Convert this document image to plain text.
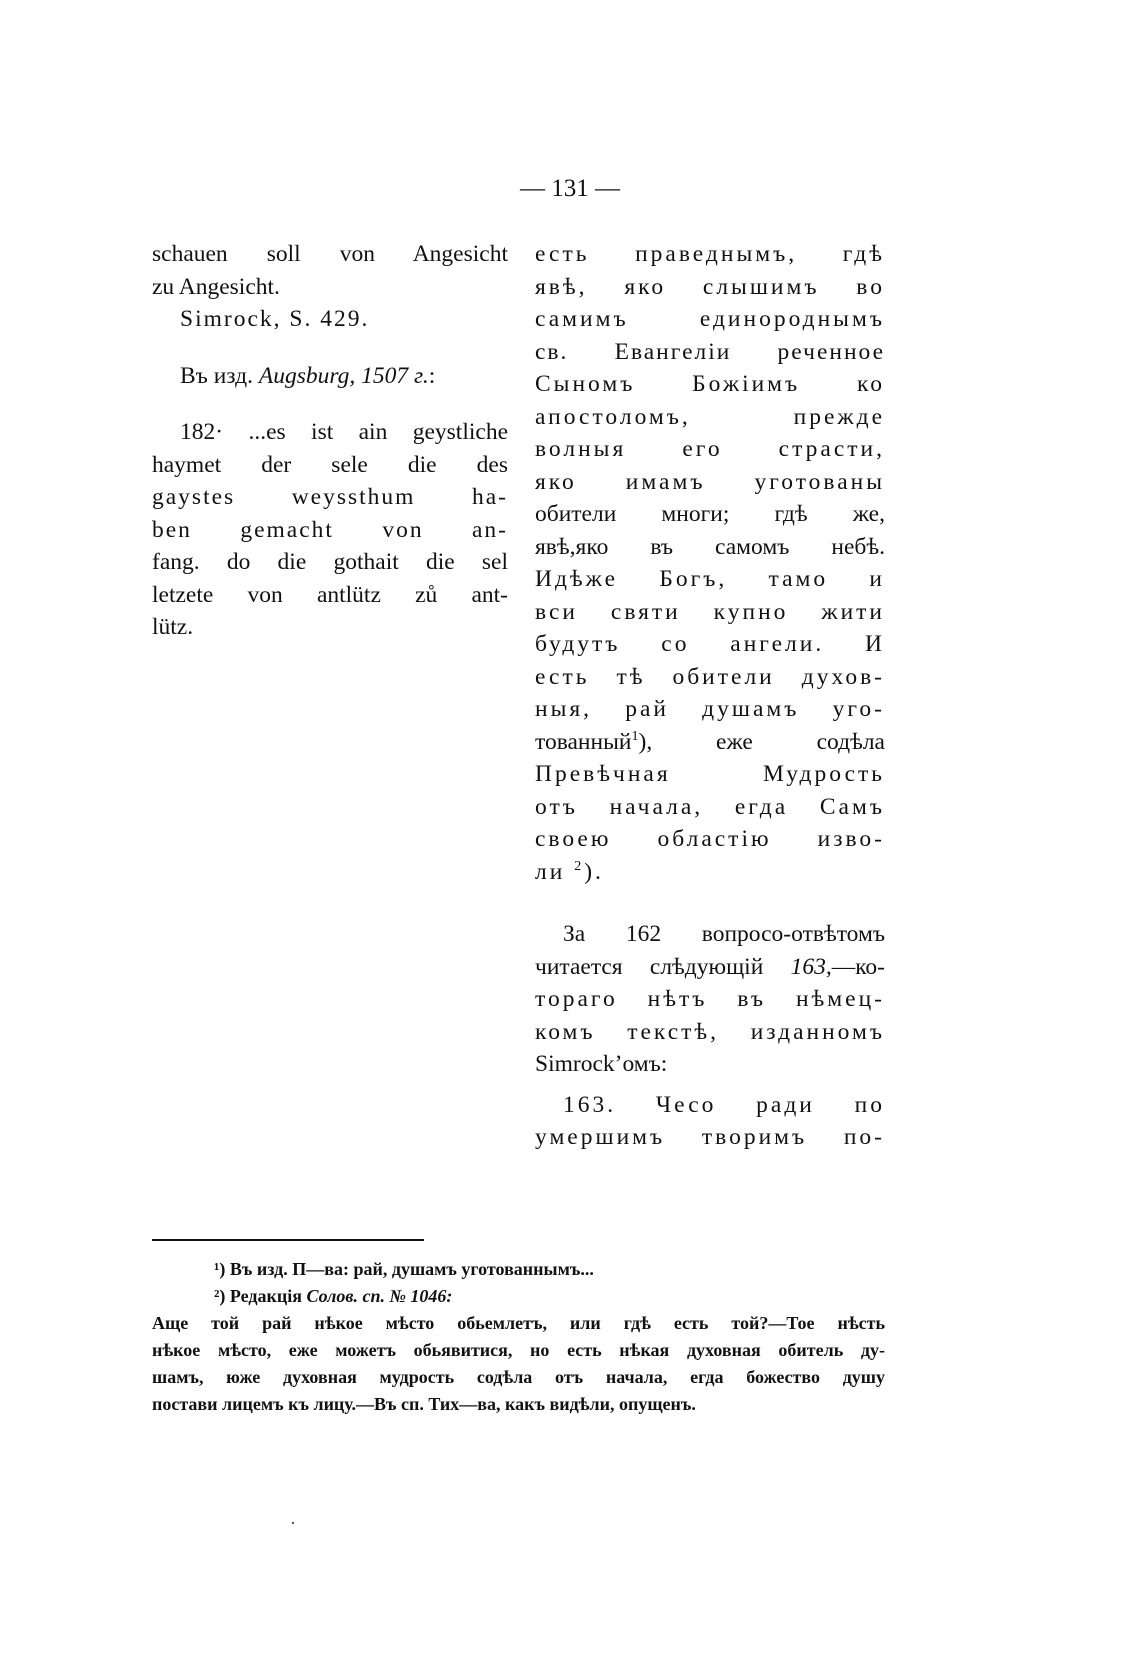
— 131 —
schauen soll von Angesicht
zu Angesicht.
Simrock, S. 429.
Въ изд. Augsburg, 1507 г.:
182· ...es ist ain geystliche
haymet der sele die des
gaystes weyssthum ha-
ben gemacht von an-
fang. do die gothait die sel
letzete von antlütz zů ant-
lütz.
есть праведнымъ, гдѣ
явѣ, яко слышимъ во
самимъ единороднымъ
св. Евангеліи реченное
Сыномъ Божіимъ ко
апостоломъ, прежде
волныя его страсти,
яко имамъ уготованы
обители многи; гдѣ же,
явѣ,яко въ самомъ небѣ.
Идѣже Богъ, тамо и
вси святи купно жити
будутъ со ангели. И
есть тѣ обители духов-
ныя, рай душамъ уго-
тованный$^1$), еже содѣла
Превѣчная Мудрость
отъ начала, егда Самъ
своею областію изво-
ли $^2$).
За 162 вопросо-отвѣтомъ
читается слѣдующій 163,—ко-
тораго нѣтъ въ нѣмец-
комъ текстѣ, изданномъ
Simrock’омъ:
163. Чесо ради по
умершимъ творимъ по-
¹) Въ изд. П—ва: рай, душамъ уготованнымъ...
²) Редакція Солов. сп. № 1046:
Аще той рай нѣкое мѣсто обьемлетъ, или гдѣ есть той?—Тое нѣсть
нѣкое мѣсто, еже можетъ обьявитися, но есть нѣкая духовная обитель ду-
шамъ, юже духовная мудрость содѣла отъ начала, егда божество душу
постави лицемъ къ лицу.—Въ сп. Тих—ва, какъ видѣли, опущенъ.
